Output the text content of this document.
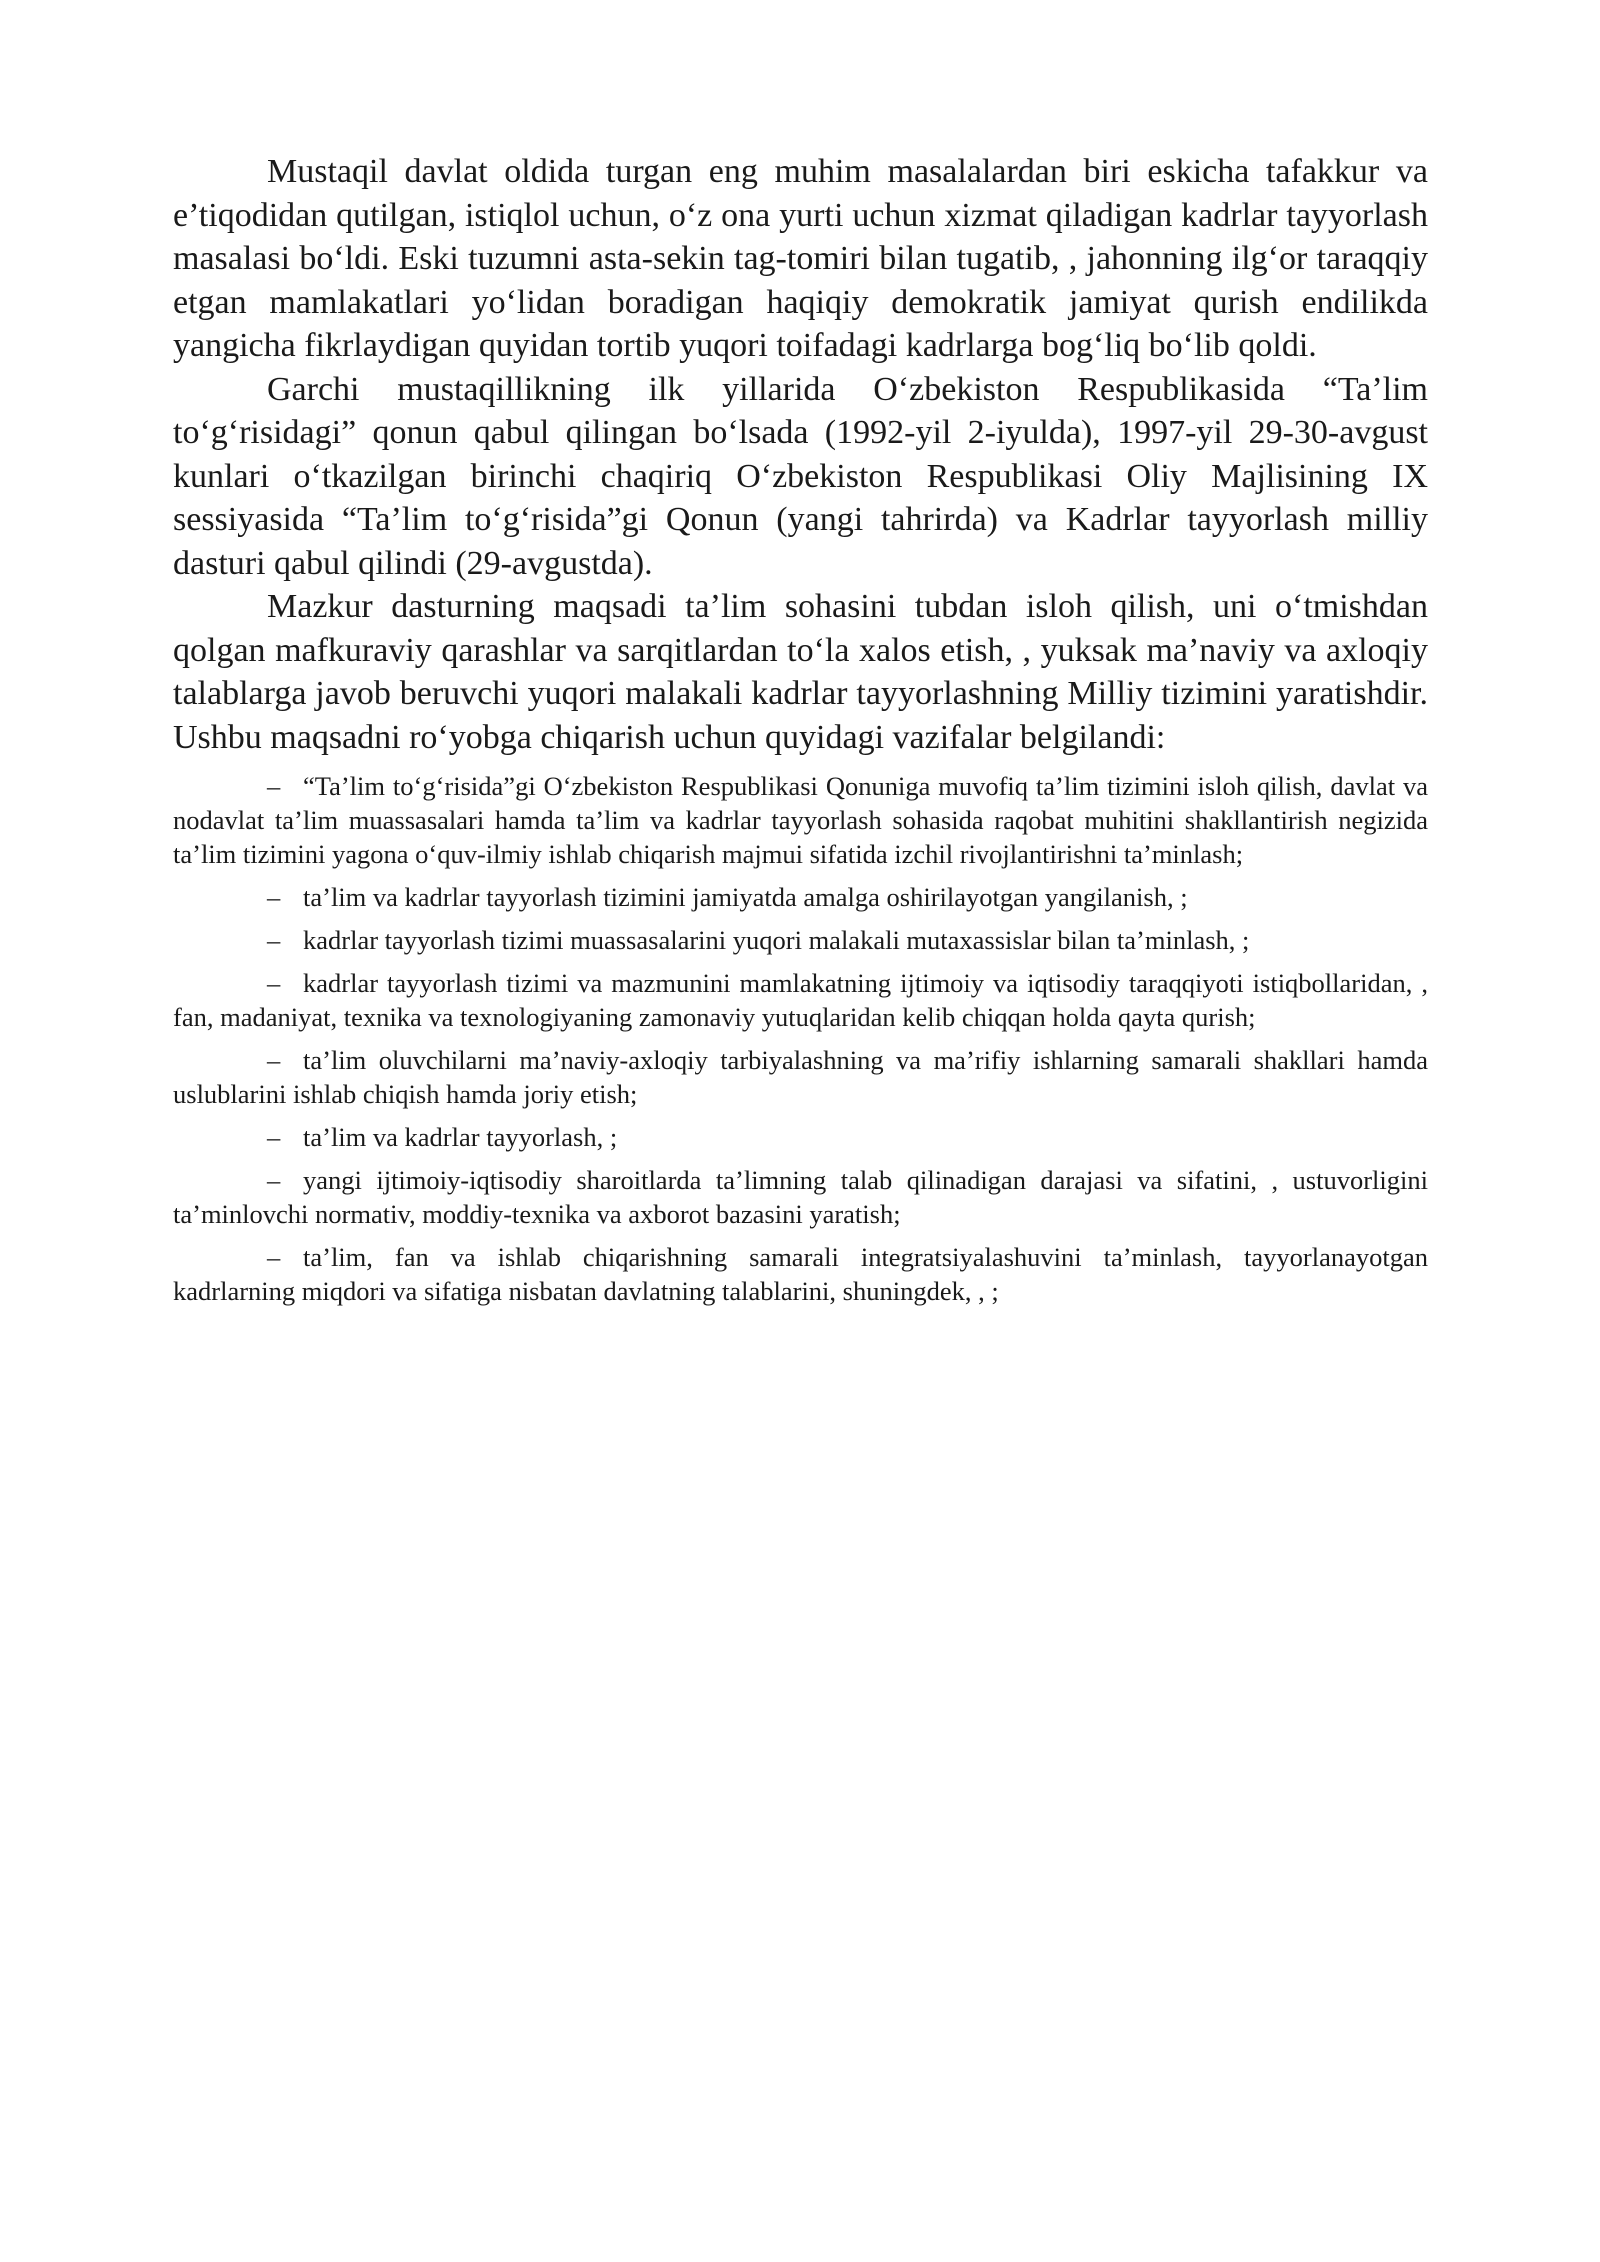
Mustaqil davlat oldida turgan eng muhim masalalardan biri eskicha tafakkur va e’tiqodidan qutilgan, istiqlol uchun, o‘z ona yurti uchun xizmat qiladigan kadrlar tayyorlash masalasi bo‘ldi. Eski tuzumni asta-sekin tag-tomiri bilan tugatib, , jahonning ilg‘or taraqqiy etgan mamlakatlari yo‘lidan boradigan haqiqiy demokratik jamiyat qurish endilikda yangicha fikrlaydigan quyidan tortib yuqori toifadagi kadrlarga bog‘liq bo‘lib qoldi.

Garchi mustaqillikning ilk yillarida O‘zbekiston Respublikasida “Ta’lim to‘g‘risidagi” qonun qabul qilingan bo‘lsada (1992-yil 2-iyulda), 1997-yil 29-30-avgust kunlari o‘tkazilgan birinchi chaqiriq O‘zbekiston Respublikasi Oliy Majlisining IX sessiyasida “Ta’lim to‘g‘risida”gi Qonun (yangi tahrirda) va Kadrlar tayyorlash milliy dasturi qabul qilindi (29-avgustda).

Mazkur dasturning maqsadi ta’lim sohasini tubdan isloh qilish, uni o‘tmishdan qolgan mafkuraviy qarashlar va sarqitlardan to‘la xalos etish, , yuksak ma’naviy va axloqiy talablarga javob beruvchi yuqori malakali kadrlar tayyorlashning Milliy tizimini yaratishdir. Ushbu maqsadni ro‘yobga chiqarish uchun quyidagi vazifalar belgilandi:

– “Ta’lim to‘g‘risida”gi O‘zbekiston Respublikasi Qonuniga muvofiq ta’lim tizimini isloh qilish, davlat va nodavlat ta’lim muassasalari hamda ta’lim va kadrlar tayyorlash sohasida raqobat muhitini shakllantirish negizida ta’lim tizimini yagona o‘quv-ilmiy ishlab chiqarish majmui sifatida izchil rivojlantirishni ta’minlash;

– ta’lim va kadrlar tayyorlash tizimini jamiyatda amalga oshirilayotgan yangilanish, ;

– kadrlar tayyorlash tizimi muassasalarini yuqori malakali mutaxassislar bilan ta’minlash, ;

– kadrlar tayyorlash tizimi va mazmunini mamlakatning ijtimoiy va iqtisodiy taraqqiyoti istiqbollaridan, , fan, madaniyat, texnika va texnologiyaning zamonaviy yutuqlaridan kelib chiqqan holda qayta qurish;

– ta’lim oluvchilarni ma’naviy-axloqiy tarbiyalashning va ma’rifiy ishlarning samarali shakllari hamda uslublarini ishlab chiqish hamda joriy etish;

– ta’lim va kadrlar tayyorlash, ;

– yangi ijtimoiy-iqtisodiy sharoitlarda ta’limning talab qilinadigan darajasi va sifatini, , ustuvorligini ta’minlovchi normativ, moddiy-texnika va axborot bazasini yaratish;

– ta’lim, fan va ishlab chiqarishning samarali integratsiyalashuvini ta’minlash, tayyorlanayotgan kadrlarning miqdori va sifatiga nisbatan davlatning talablarini, shuningdek, , ;
